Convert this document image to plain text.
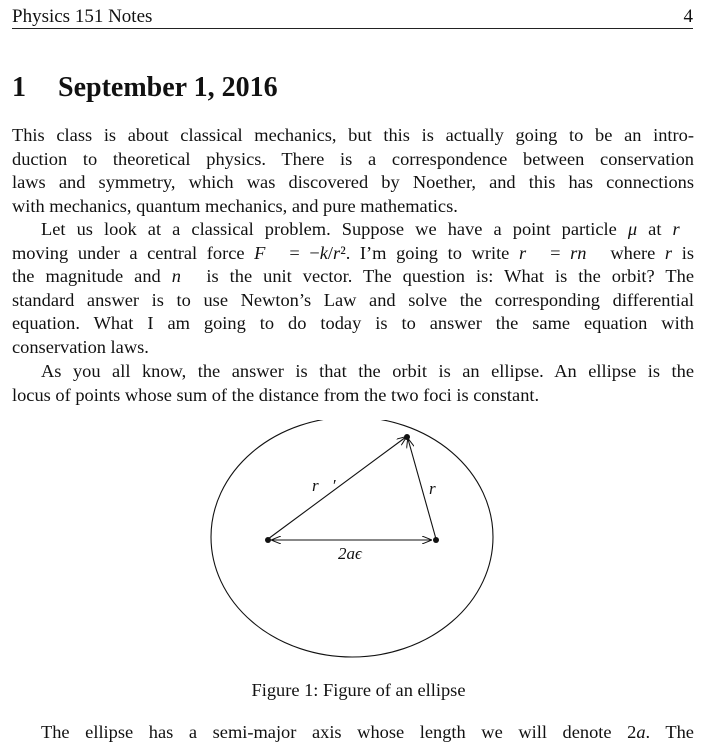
Physics 151 Notes	4
1 September 1, 2016
This class is about classical mechanics, but this is actually going to be an intro-
duction to theoretical physics. There is a correspondence between conservation
laws and symmetry, which was discovered by Noether, and this has connections
with mechanics, quantum mechanics, and pure mathematics.
Let us look at a classical problem. Suppose we have a point particle μ at r⃗
moving under a central force F⃗ = −k/r². I’m going to write r⃗ = rn⃗ where r is
the magnitude and n⃗ is the unit vector. The question is: What is the orbit? The
standard answer is to use Newton’s Law and solve the corresponding differential
equation. What I am going to do today is to answer the same equation with
conservation laws.
As you all know, the answer is that the orbit is an ellipse. An ellipse is the
locus of points whose sum of the distance from the two foci is constant.
r⃗′	r⃗
2aϵ
Figure 1: Figure of an ellipse
The ellipse has a semi-major axis whose length we will denote 2a. The
